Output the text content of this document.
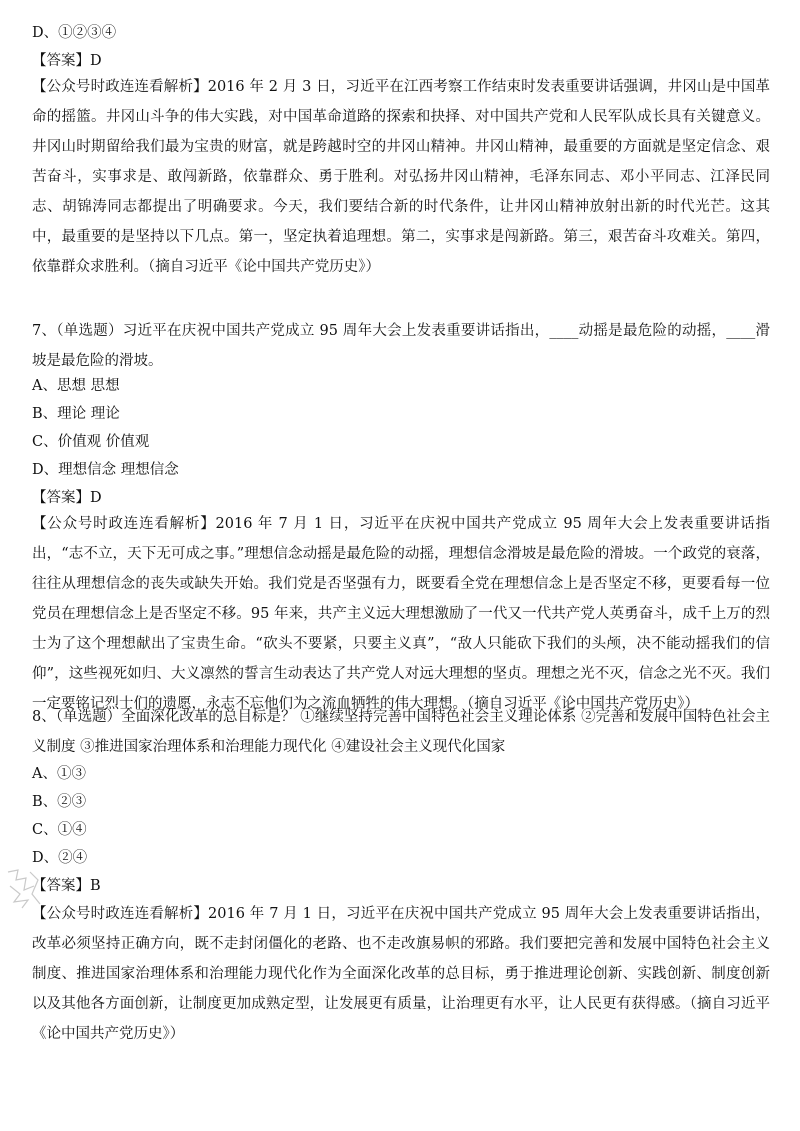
D、①②③④
【答案】D
【公众号时政连连看解析】2016 年 2 月 3 日，习近平在江西考察工作结束时发表重要讲话强调，井冈山是中国革命的摇篮。井冈山斗争的伟大实践，对中国革命道路的探索和抉择、对中国共产党和人民军队成长具有关键意义。井冈山时期留给我们最为宝贵的财富，就是跨越时空的井冈山精神。井冈山精神，最重要的方面就是坚定信念、艰苦奋斗，实事求是、敢闯新路，依靠群众、勇于胜利。对弘扬井冈山精神，毛泽东同志、邓小平同志、江泽民同志、胡锦涛同志都提出了明确要求。今天，我们要结合新的时代条件，让井冈山精神放射出新的时代光芒。这其中，最重要的是坚持以下几点。第一，坚定执着追理想。第二，实事求是闯新路。第三，艰苦奋斗攻难关。第四，依靠群众求胜利。（摘自习近平《论中国共产党历史》）
7、（单选题）习近平在庆祝中国共产党成立 95 周年大会上发表重要讲话指出，____动摇是最危险的动摇，____滑坡是最危险的滑坡。
A、思想 思想
B、理论 理论
C、价值观 价值观
D、理想信念 理想信念
【答案】D
【公众号时政连连看解析】2016 年 7 月 1 日，习近平在庆祝中国共产党成立 95 周年大会上发表重要讲话指出，“志不立，天下无可成之事。”理想信念动摇是最危险的动摇，理想信念滑坡是最危险的滑坡。一个政党的衰落，往往从理想信念的丧失或缺失开始。我们党是否坚强有力，既要看全党在理想信念上是否坚定不移，更要看每一位党员在理想信念上是否坚定不移。95 年来，共产主义远大理想激励了一代又一代共产党人英勇奋斗，成千上万的烈士为了这个理想献出了宝贵生命。“砍头不要紧，只要主义真”，“敌人只能砍下我们的头颅，决不能动摇我们的信仰”，这些视死如归、大义凛然的誓言生动表达了共产党人对远大理想的坚贞。理想之光不灭，信念之光不灭。我们一定要铭记烈士们的遗愿，永志不忘他们为之流血牺牲的伟大理想。（摘自习近平《论中国共产党历史》）
8、（单选题）全面深化改革的总目标是？ ①继续坚持完善中国特色社会主义理论体系 ②完善和发展中国特色社会主义制度 ③推进国家治理体系和治理能力现代化 ④建设社会主义现代化国家
A、①③
B、②③
C、①④
D、②④
【答案】B
【公众号时政连连看解析】2016 年 7 月 1 日，习近平在庆祝中国共产党成立 95 周年大会上发表重要讲话指出，改革必须坚持正确方向，既不走封闭僵化的老路、也不走改旗易帜的邪路。我们要把完善和发展中国特色社会主义制度、推进国家治理体系和治理能力现代化作为全面深化改革的总目标，勇于推进理论创新、实践创新、制度创新以及其他各方面创新，让制度更加成熟定型，让发展更有质量，让治理更有水平，让人民更有获得感。（摘自习近平《论中国共产党历史》）
